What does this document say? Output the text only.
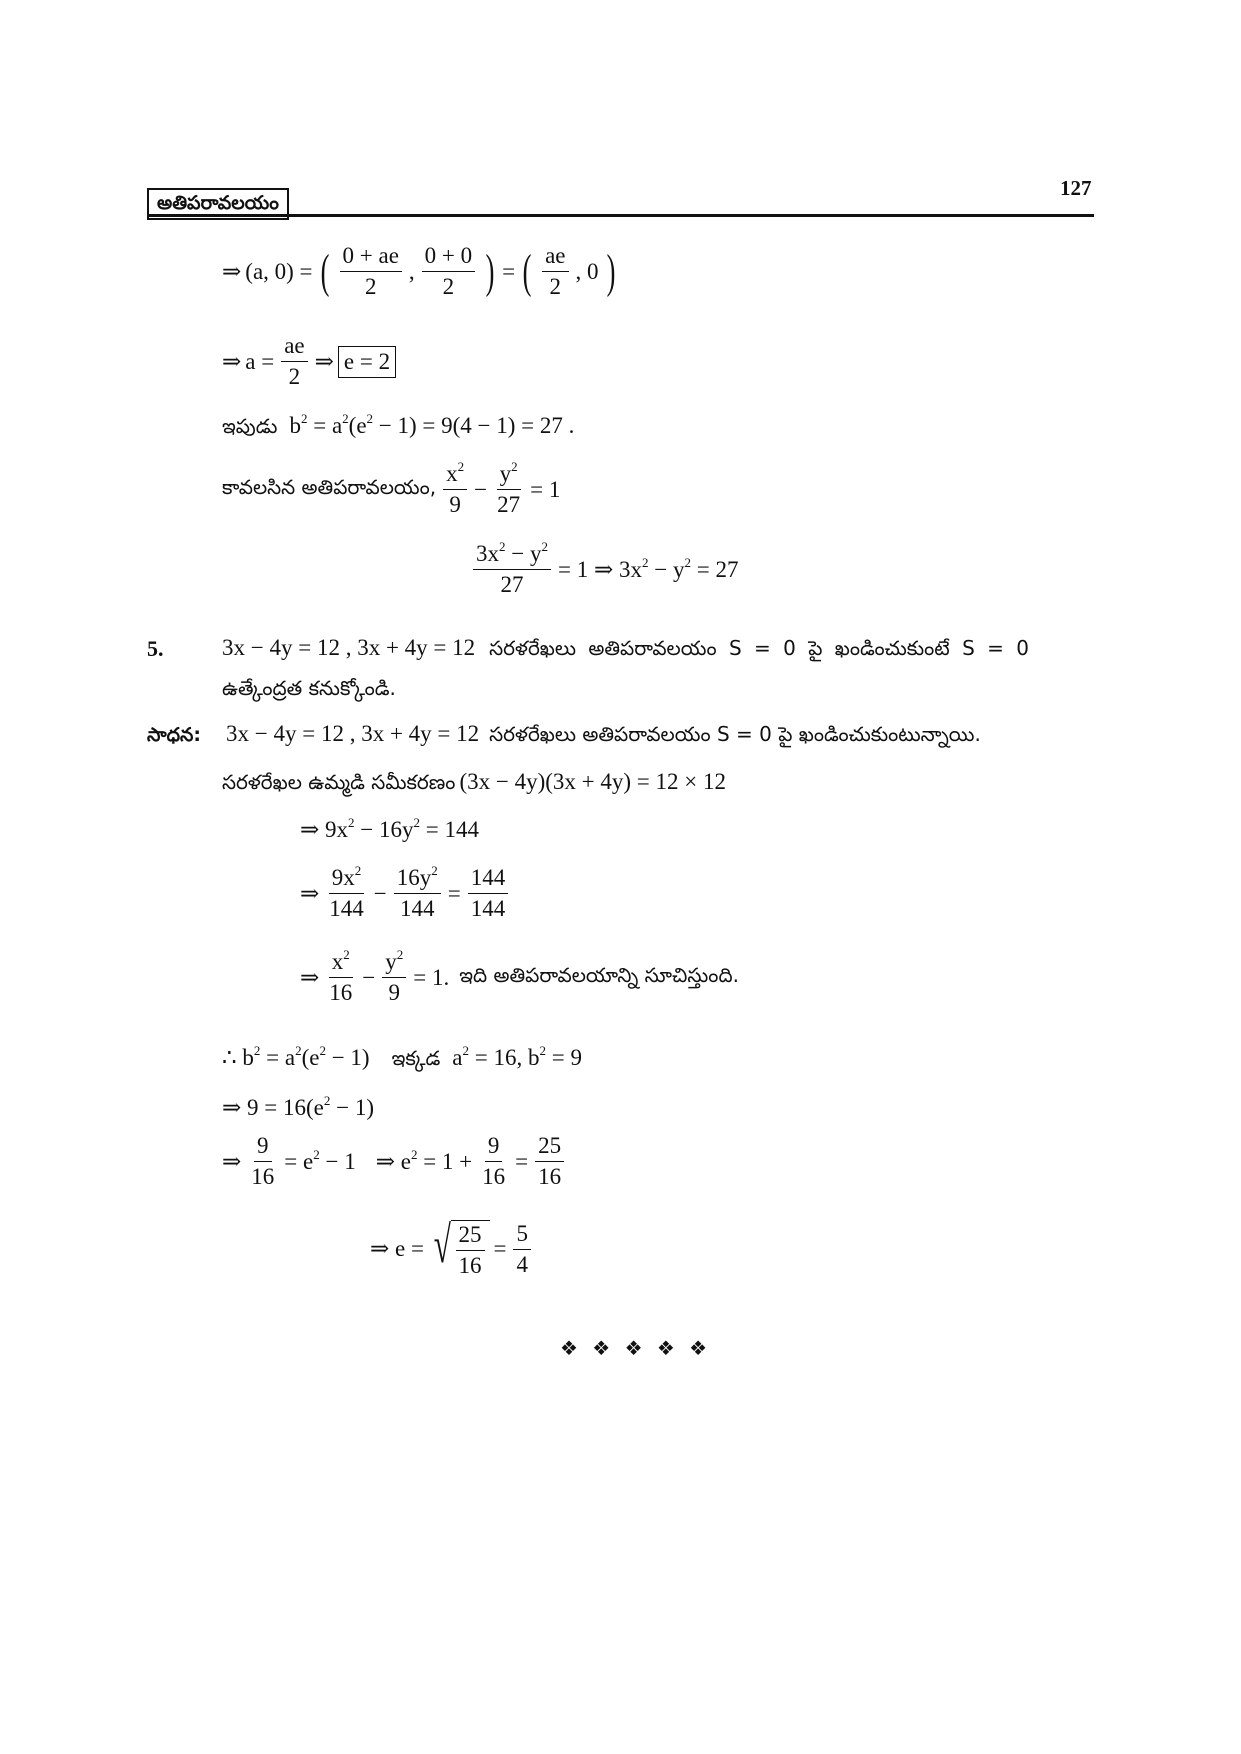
అతిపరావలయం
127
⇒ (a, 0) = ( $\frac{0 + ae}{2}$ , $\frac{0 + 0}{2}$ ) = ( $\frac{ae}{2}$ , 0 )
⇒ $a = \frac{ae}{2}$ ⇒ e = 2
ఇపుడు $b^2 = a^2(e^2 - 1) = 9(4 - 1) = 27$ .
కావలసిన అతిపరావలయం, $\frac{x^2}{9} - \frac{y^2}{27} = 1$
$\frac{3x^2 - y^2}{27} = 1$ ⇒ $3x^2 - y^2 = 27$
5.	3x − 4y = 12 , 3x + 4y = 12 సరళరేఖలు అతిపరావలయం S = 0 పై ఖండించుకుంటే S = 0
ఉత్కేంద్రత కనుక్కోండి.
సాధన: 3x − 4y = 12 , 3x + 4y = 12 సరళరేఖలు అతిపరావలయం S = 0 పై ఖండించుకుంటున్నాయి.
సరళరేఖల ఉమ్మడి సమీకరణం (3x − 4y)(3x + 4y) = 12 × 12
⇒ $9x^2 - 16y^2 = 144$
⇒ $\frac{9x^2}{144} - \frac{16y^2}{144} = \frac{144}{144}$
⇒ $\frac{x^2}{16} - \frac{y^2}{9} = 1$. ఇది అతిపరావలయాన్ని సూచిస్తుంది.
∴ $b^2 = a^2(e^2 - 1)$ ఇక్కడ $a^2 = 16$, $b^2 = 9$
⇒ $9 = 16(e^2 - 1)$
⇒ $\frac{9}{16} = e^2 - 1$ ⇒ $e^2 = 1 + \frac{9}{16} = \frac{25}{16}$
⇒ e = √ $\frac{25}{16} = \frac{5}{4}$
❖ ❖ ❖ ❖ ❖
